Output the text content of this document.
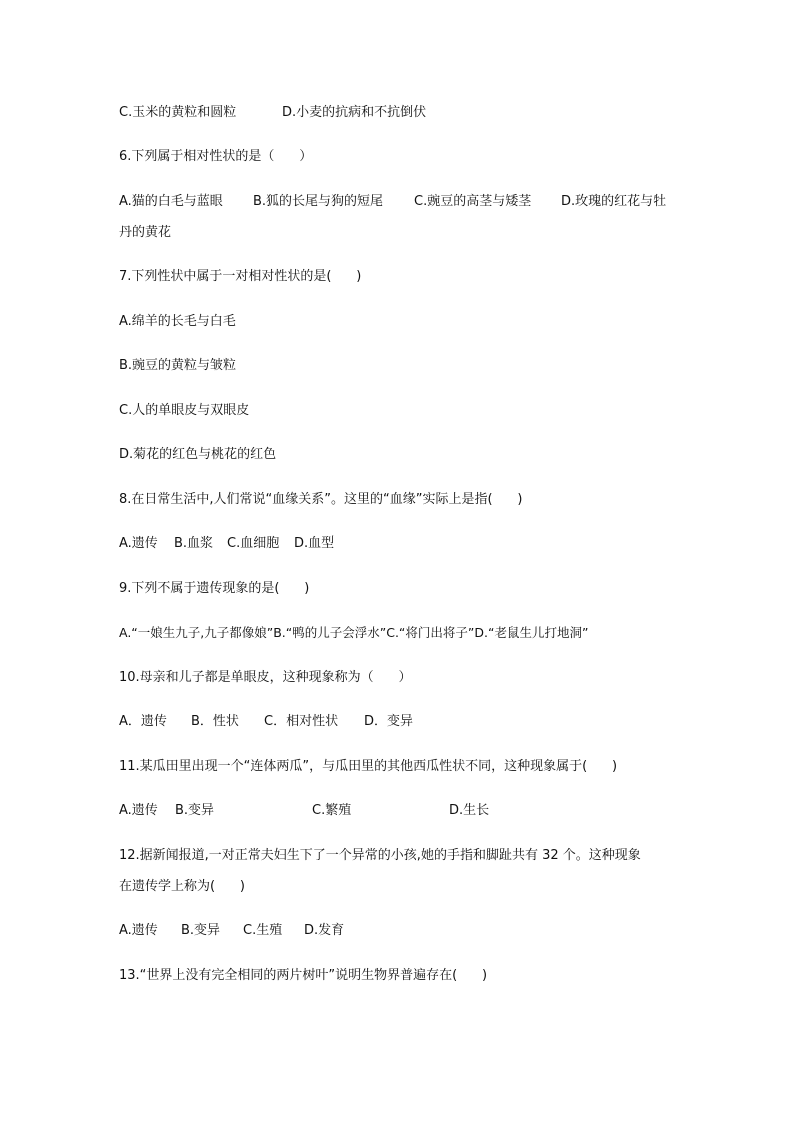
C.玉米的黄粒和圆粒	D.小麦的抗病和不抗倒伏
6.下列属于相对性状的是（      ）
A.猫的白毛与蓝眼 B.狐的长尾与狗的短尾 C.豌豆的高茎与矮茎 D.玫瑰的红花与牡
丹的黄花
7.下列性状中属于一对相对性状的是(      )
A.绵羊的长毛与白毛
B.豌豆的黄粒与皱粒
C.人的单眼皮与双眼皮
D.菊花的红色与桃花的红色
8.在日常生活中,人们常说“血缘关系”。这里的“血缘”实际上是指(      )
A.遗传 B.血浆 C.血细胞 D.血型
9.下列不属于遗传现象的是(      )
A.“一娘生九子,九子都像娘”B.“鸭的儿子会浮水”C.“将门出将子”D.“老鼠生儿打地洞”
10.母亲和儿子都是单眼皮，这种现象称为（      ）
A．遗传 B．性状 C．相对性状 D．变异
11.某瓜田里出现一个“连体两瓜”，与瓜田里的其他西瓜性状不同，这种现象属于(      )
A.遗传 B.变异	C.繁殖	D.生长
12.据新闻报道,一对正常夫妇生下了一个异常的小孩,她的手指和脚趾共有 32 个。这种现象
在遗传学上称为(      )
A.遗传 B.变异 C.生殖 D.发育
13.“世界上没有完全相同的两片树叶”说明生物界普遍存在(      )
